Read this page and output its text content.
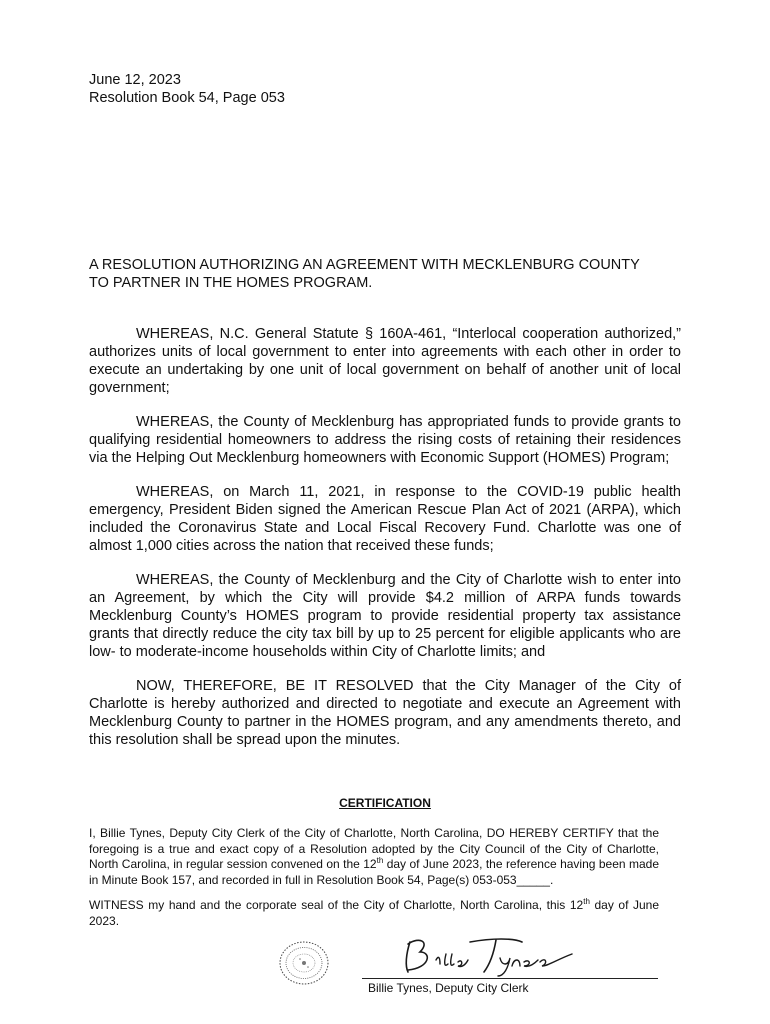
June 12, 2023
Resolution Book 54, Page 053
A RESOLUTION AUTHORIZING AN AGREEMENT WITH MECKLENBURG COUNTY
TO PARTNER IN THE HOMES PROGRAM.

WHEREAS, N.C. General Statute § 160A-461, “Interlocal cooperation authorized,” authorizes units of local government to enter into agreements with each other in order to execute an undertaking by one unit of local government on behalf of another unit of local government;

WHEREAS, the County of Mecklenburg has appropriated funds to provide grants to qualifying residential homeowners to address the rising costs of retaining their residences via the Helping Out Mecklenburg homeowners with Economic Support (HOMES) Program;

WHEREAS, on March 11, 2021, in response to the COVID-19 public health emergency, President Biden signed the American Rescue Plan Act of 2021 (ARPA), which included the Coronavirus State and Local Fiscal Recovery Fund. Charlotte was one of almost 1,000 cities across the nation that received these funds;

WHEREAS, the County of Mecklenburg and the City of Charlotte wish to enter into an Agreement, by which the City will provide $4.2 million of ARPA funds towards Mecklenburg County’s HOMES program to provide residential property tax assistance grants that directly reduce the city tax bill by up to 25 percent for eligible applicants who are low- to moderate-income households within City of Charlotte limits; and

NOW, THEREFORE, BE IT RESOLVED that the City Manager of the City of Charlotte is hereby authorized and directed to negotiate and execute an Agreement with Mecklenburg County to partner in the HOMES program, and any amendments thereto, and this resolution shall be spread upon the minutes.

CERTIFICATION

I, Billie Tynes, Deputy City Clerk of the City of Charlotte, North Carolina, DO HEREBY CERTIFY that the foregoing is a true and exact copy of a Resolution adopted by the City Council of the City of Charlotte, North Carolina, in regular session convened on the 12th day of June 2023, the reference having been made in Minute Book 157, and recorded in full in Resolution Book 54, Page(s) 053-053_____.

WITNESS my hand and the corporate seal of the City of Charlotte, North Carolina, this 12th day of June 2023.

Billie Tynes, Deputy City Clerk
